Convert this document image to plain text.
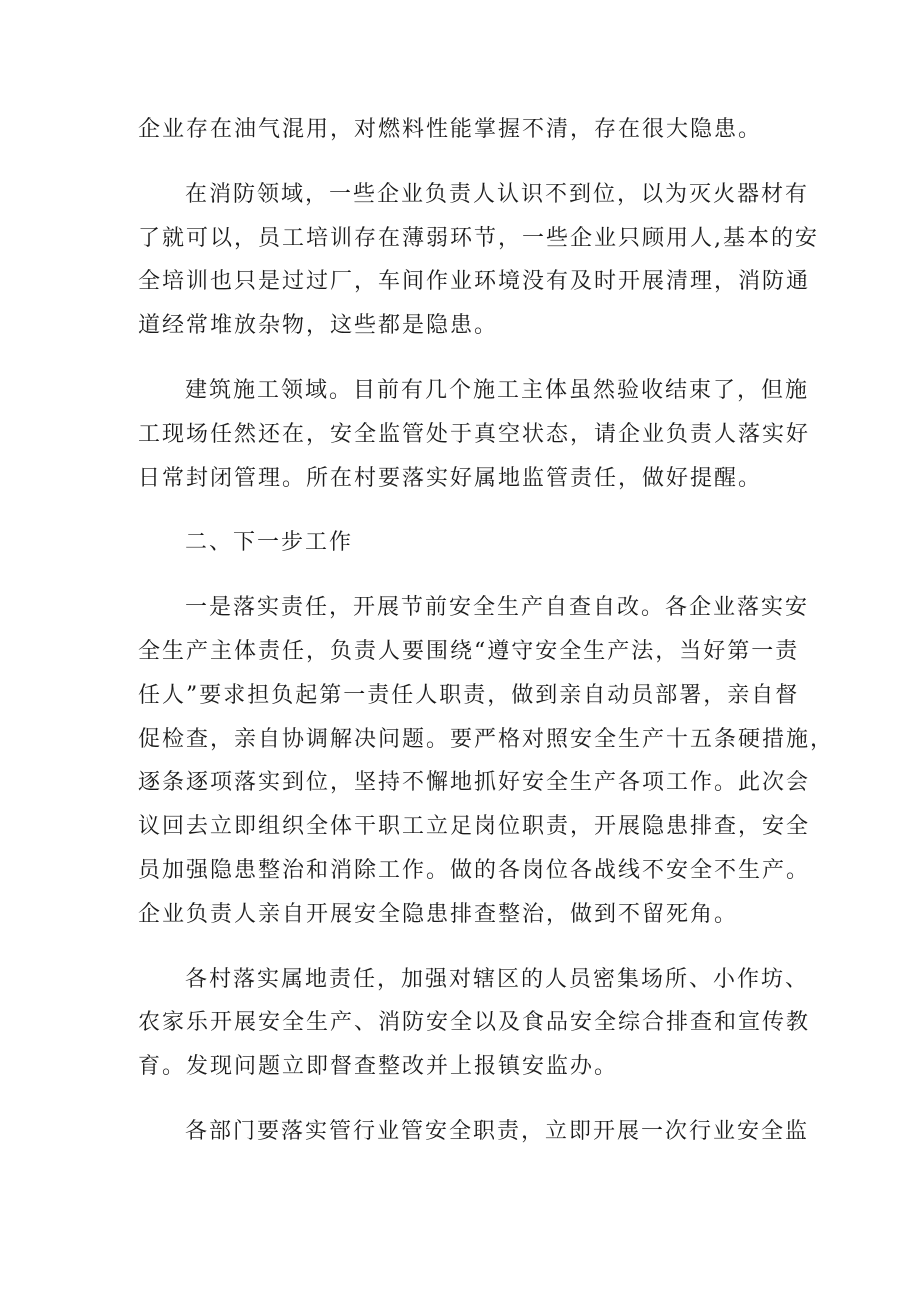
企业存在油气混用，对燃料性能掌握不清，存在很大隐患。

在消防领域，一些企业负责人认识不到位，以为灭火器材有
了就可以，员工培训存在薄弱环节，一些企业只顾用人,基本的安
全培训也只是过过厂，车间作业环境没有及时开展清理，消防通
道经常堆放杂物，这些都是隐患。

建筑施工领域。目前有几个施工主体虽然验收结束了，但施
工现场任然还在，安全监管处于真空状态，请企业负责人落实好
日常封闭管理。所在村要落实好属地监管责任，做好提醒。

二、下一步工作

一是落实责任，开展节前安全生产自查自改。各企业落实安
全生产主体责任，负责人要围绕“遵守安全生产法，当好第一责
任人”要求担负起第一责任人职责，做到亲自动员部署，亲自督
促检查，亲自协调解决问题。要严格对照安全生产十五条硬措施，
逐条逐项落实到位，坚持不懈地抓好安全生产各项工作。此次会
议回去立即组织全体干职工立足岗位职责，开展隐患排查，安全
员加强隐患整治和消除工作。做的各岗位各战线不安全不生产。
企业负责人亲自开展安全隐患排查整治，做到不留死角。

各村落实属地责任，加强对辖区的人员密集场所、小作坊、
农家乐开展安全生产、消防安全以及食品安全综合排查和宣传教
育。发现问题立即督查整改并上报镇安监办。

各部门要落实管行业管安全职责，立即开展一次行业安全监
